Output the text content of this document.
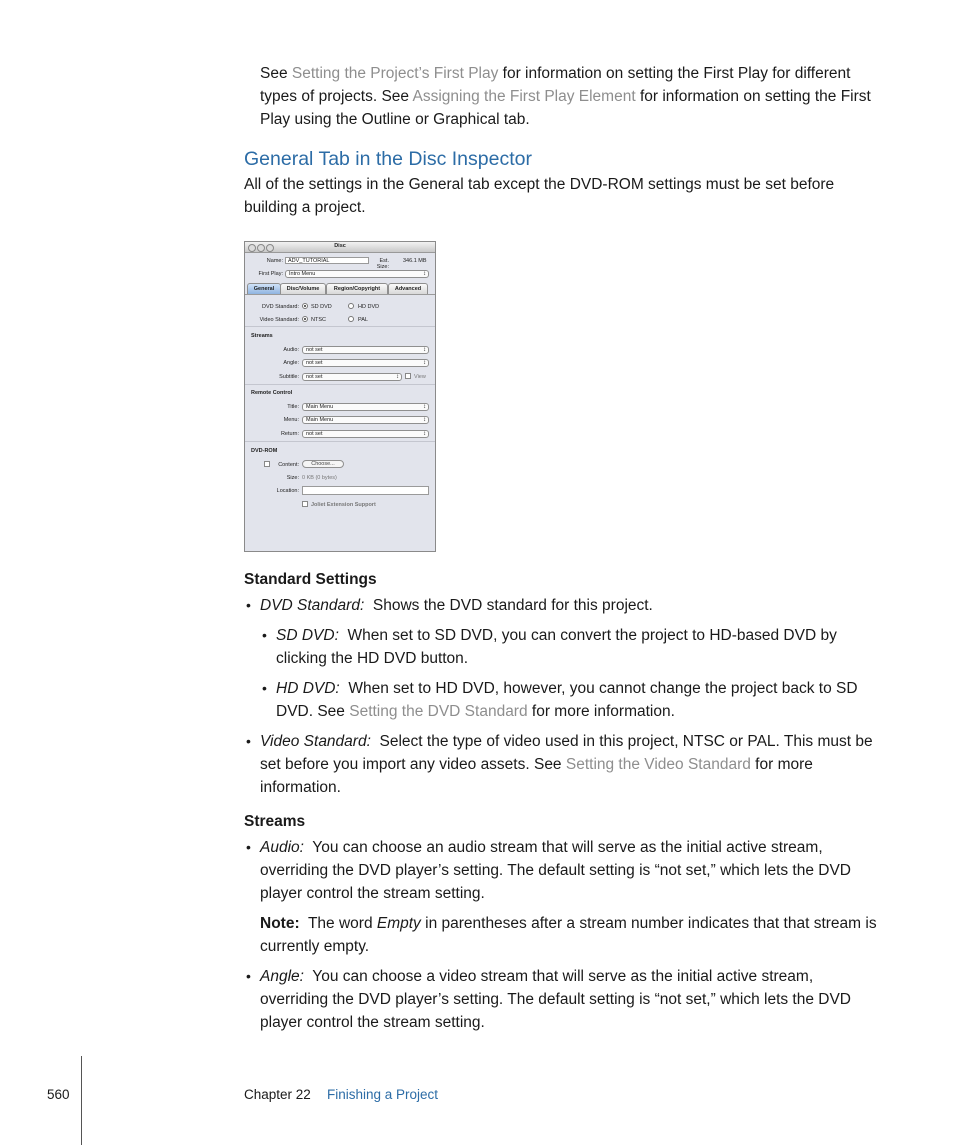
See Setting the Project’s First Play for information on setting the First Play for different types of projects. See Assigning the First Play Element for information on setting the First Play using the Outline or Graphical tab.

General Tab in the Disc Inspector

All of the settings in the General tab except the DVD-ROM settings must be set before building a project.

Disc
Name: ADV_TUTORIAL	Est. Size:
346.1 MB
First Play:	Intro Menu ↕
General	Disc/Volume	Region/Copyright	Advanced
DVD Standard: SD DVD	HD DVD
Video Standard: NTSC	PAL
Streams
Audio:	not set ↕
Angle:	not set ↕
Subtitle:	not set ↕	View
Remote Control
Title:	Main Menu ↕
Menu:	Main Menu ↕
Return:	not set ↕
DVD-ROM
Content:	Choose...
Size: 0 KB (0 bytes)
Location:
Joliet Extension Support
Standard Settings
• DVD Standard: Shows the DVD standard for this project.

• SD DVD: When set to SD DVD, you can convert the project to HD-based DVD by clicking the HD DVD button.

• HD DVD: When set to HD DVD, however, you cannot change the project back to SD DVD. See Setting the DVD Standard for more information.

• Video Standard: Select the type of video used in this project, NTSC or PAL. This must be set before you import any video assets. See Setting the Video Standard for more information.

Streams
• Audio: You can choose an audio stream that will serve as the initial active stream, overriding the DVD player’s setting. The default setting is “not set,” which lets the DVD player control the stream setting.

Note: The word Empty in parentheses after a stream number indicates that that stream is currently empty.

• Angle: You can choose a video stream that will serve as the initial active stream, overriding the DVD player’s setting. The default setting is “not set,” which lets the DVD player control the stream setting.

560	Chapter 22 Finishing a Project
